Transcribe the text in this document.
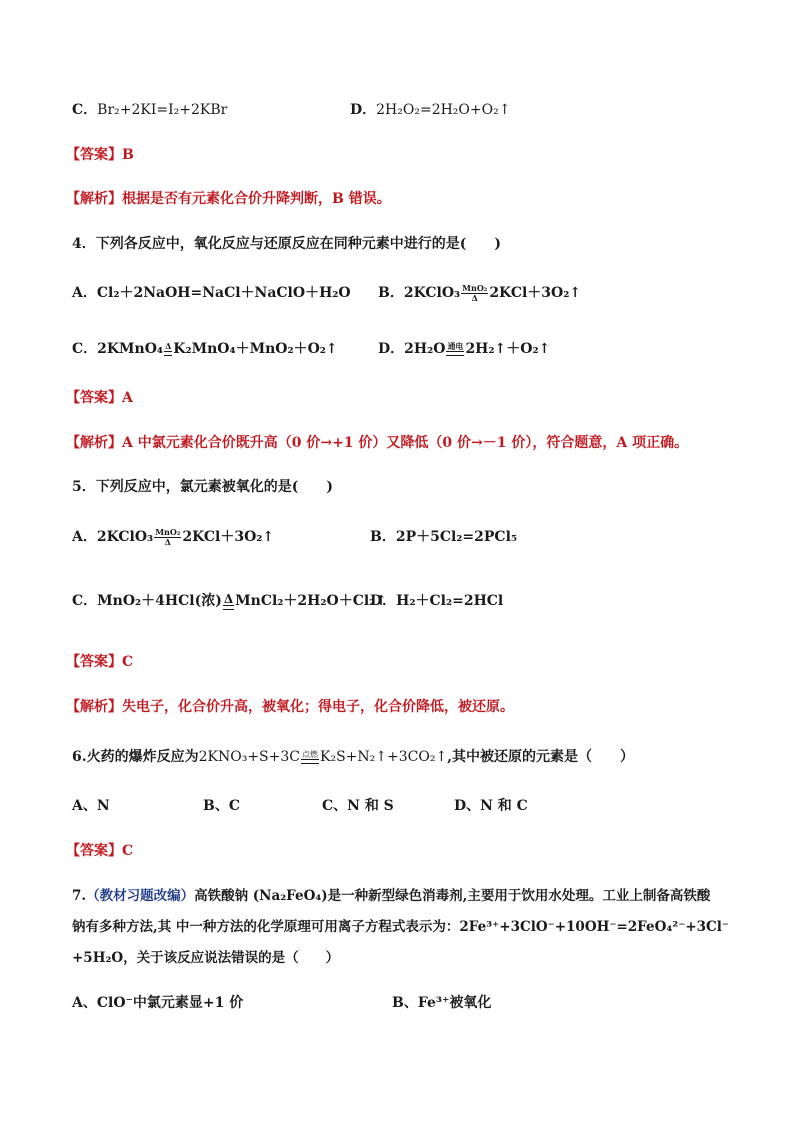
C．Br₂+2KI=I₂+2KBr	D．2H₂O₂=2H₂O+O₂↑
【答案】B
【解析】根据是否有元素化合价升降判断，B 错误。
4．下列各反应中，氧化反应与还原反应在同种元素中进行的是(　　)
A．Cl₂＋2NaOH=NaCl＋NaClO＋H₂O B．2KClO₃ MnO₂
Δ 2KCl＋3O₂↑
C．2KMnO₄ Δ K₂MnO₄＋MnO₂＋O₂↑	D．2H₂O 通电 2H₂↑＋O₂↑
【答案】A
【解析】A 中氯元素化合价既升高（0 价→+1 价）又降低（0 价→－1 价），符合题意，A 项正确。
5．下列反应中，氯元素被氧化的是(　　)
A．2KClO₃ MnO₂
Δ 2KCl＋3O₂↑	B．2P＋5Cl₂=2PCl₅
C．MnO₂＋4HCl(浓) Δ MnCl₂＋2H₂O＋Cl₂↑
D．H₂＋Cl₂=2HCl
【答案】C
【解析】失电子，化合价升高，被氧化；得电子，化合价降低，被还原。
6.火药的爆炸反应为2KNO₃+S+3C 点燃 K₂S+N₂↑+3CO₂↑,其中被还原的元素是（　　）
A、N	B、C	C、N 和 S	D、N 和 C
【答案】C
7.（教材习题改编）高铁酸钠 (Na₂FeO₄)是一种新型绿色消毒剂,主要用于饮用水处理。工业上制备高铁酸
钠有多种方法,其 中一种方法的化学原理可用离子方程式表示为：2Fe³⁺+3ClO⁻+10OH⁻=2FeO₄²⁻+3Cl⁻
+5H₂O，关于该反应说法错误的是（　　）
A、ClO⁻中氯元素显+1 价	B、Fe³⁺被氧化
